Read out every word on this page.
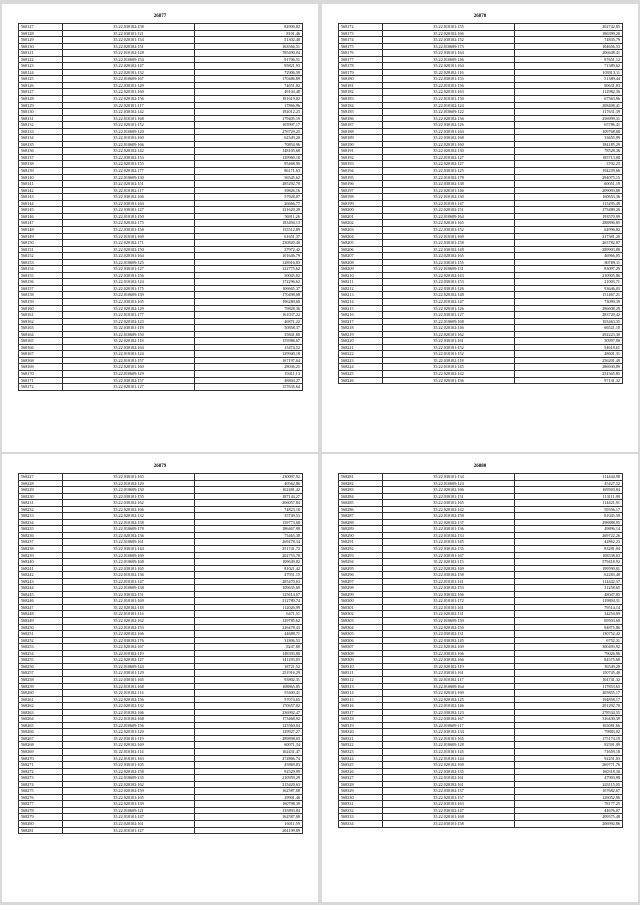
26877
568127	35.22.030102:158	84900,82
568128	35.22.030101:121	8101,46
568129	35.22.020101:154	51302,48
568130	35.22.020102:151	163566,51
568121	35.22.010102:128	785490,04
568122	35.22.010609:154	91706,51
568123	35.22.020102:147	95821,93
568124	35.22.020101:132	72906,59
568125	35.22.010609:167	170486,89
568126	35.22.030101:149	74651,82
568127	35.22.020101:160	49104,48
568128	35.22.020102:156	181619,02
568129	35.22.020101:117	17866,96
568130	35.22.030102:142	192012,23
568131	35.22.010101:168	179405,19
568132	35.22.020101:152	105997,17
568133	35.22.010609:120	276729,25
568134	35.22.010101:160	62349,20
568135	35.22.010609:166	70854,96
568136	35.22.020102:142	148105,68
568137	35.22.030102:153	129969,18
568138	35.22.020101:155	95468,90
568139	35.22.020102:177	86171,63
568140	35.22.010609:130	36545,62
568141	35.22.020102:151	285292,78
568142	35.22.010102:117	39826,16
568143	35.22.030102:166	57928,07
568144	35.22.030101:164	26666,77
568145	35.22.030101:127	121620,28
568146	35.22.010101:150	56911,26
568147	35.22.020102:175	183494,13
568148	35.22.030101:158	135512,89
568149	35.22.010101:169	61651,37
568150	35.22.020102:171	230820,40
568151	35.22.020102:150	27972,42
568152	35.22.020101:164	101646,79
568153	35.22.010609:125	128916,83
568154	35.22.030101:127	122775,62
568155	35.22.030101:156	50045,82
568156	35.22.010102:124	172296,62
568157	35.22.020101:175	106665,37
568158	35.22.010609:139	170498,08
568159	35.22.030101:165	196280,60
568160	35.22.020102:129	79828,36
568161	35.22.010101:177	161037,22
568162	35.22.020102:123	46871,22
568163	35.22.030101:118	50858,37
568164	35.22.010609:150	35841,80
568165	35.22.020102:118	155986,67
568166	35.22.030102:164	15474,52
568167	35.22.010101:124	129940,18
568168	35.22.010101:157	167197,64
568169	35.22.020101:160	28036,25
568170	35.22.010609:129	19411,13
568171	35.22.030102:157	48804,27
568172	35.22.020101:127	157635,64
26878
568172	35.22.010101:155	202742,85
568173	35.22.020102:166	186399,20
568174	35.22.030102:152	74835,79
568175	35.22.010609:173	104656,53
568176	35.22.030101:164	206648,41
568177	35.22.010609:146	97651,12
568178	35.22.020101:164	71389,62
568179	35.22.020102:116	103913,11
568180	35.22.030101:155	51389,44
568181	35.22.010101:156	90631,83
568182	35.22.020101:163	112982,36
568183	35.22.010101:150	67563,96
568184	35.22.010102:124	208408,41
568185	35.22.010609:122	117631,39
568186	35.22.020102:156	256999,31
568187	35.22.030102:126	65786,41
568188	35.22.030101:164	109768,68
568189	35.22.030102:168	33655,99
568190	35.22.020101:160	184185,29
568191	35.22.020102:130	78528,36
568192	35.22.010102:127	185713,08
568193	35.22.020102:127	3702,23
568194	35.22.030101:125	194239,66
568195	35.22.010102:178	294075,15
568196	35.22.030102:138	60051,19
568197	35.22.020101:146	209093,88
568198	35.22.010102:130	160653,36
568199	35.22.010101:147	115295,49
568200	35.22.020102:151	175489,26
568201	35.22.010609:164	193570,99
568202	35.22.020101:165	288896,85
568203	35.22.030101:152	64996,82
568204	35.22.010101:169	217381,20
568205	35.22.030101:158	265782,87
568206	35.22.030102:148	289903,88
568207	35.22.020102:165	46966,05
568208	35.22.030101:155	80789,11
568209	35.22.010609:131	83097,29
568210	35.22.020102:143	210905,86
568211	35.22.030101:153	21003,71
568212	35.22.030101:126	93646,03
568213	35.22.020102:148	151467,21
568214	35.22.010102:147	73099,39
568215	35.22.020101:126	286608,29
568216	35.22.030101:127	283720,42
568217	35.22.010609:168	103463,35
568218	35.22.020102:146	66521,10
568219	35.22.020101:162	292223,30
568220	35.22.030101:161	50997,00
568221	35.22.030101:152	54618,61
568222	35.22.010101:152	48601,31
568223	35.22.030102:118	256201,49
568224	35.22.010101:145	286930,89
568225	35.22.020102:142	254365,85
568226	35.22.020101:136	97141,32
26879
568227	35.22.030101:165	230097,92
568228	35.22.010102:120	40562,86
568229	35.22.010609:130	162481,42
568230	35.22.030101:155	187144,27
568231	35.22.030102:162	206057,84
568232	35.22.020102:166	74823,18
568233	35.22.020102:132	35749,53
568234	35.22.010102:158	159773,68
568235	35.22.010609:178	186467,98
568236	35.22.020102:136	75465,38
568237	35.22.010609:161	269278,34
568238	35.22.030101:144	251741,73
568239	35.22.010609:169	202753,78
568240	35.22.010609:168	109649,82
568241	35.22.030101:165	81021,42
568242	35.22.010102:136	47951,15
568243	35.22.010101:147	285470,63
568244	35.22.010609:138	109635,69
568245	35.22.030102:151	125614,07
568246	35.22.010101:169	212780,74
568247	35.22.020102:118	112026,99
568248	35.22.010101:114	6471,51
568249	35.22.020102:162	129785,62
568250	35.22.010102:153	226478,43
568251	35.22.020102:166	44688,71
568252	35.22.030102:176	31806,53
568253	35.22.020102:167	8247,80
568254	35.22.010102:119	148393,80
568255	35.22.020102:127	141293,03
568256	35.22.010609:144	18721,52
568257	35.22.030101:129	251916,29
568258	35.22.030101:165	93802,31
568259	35.22.010101:168	108865,85
568260	35.22.010102:114	55400,41
568261	35.22.020102:156	57074,65
568262	35.22.020102:132	170657,02
568263	35.22.010102:166	236992,47
568264	35.22.010102:168	173468,92
568265	35.22.010609:156	125560,04
568266	35.22.020101:120	129927,27
568267	35.22.030101:119	289898,03
568268	35.22.020102:169	60071,34
568269	35.22.010102:114	162431,47
568270	35.22.010101:163	272866,74
568271	35.22.030101:105	45869,83
568272	35.22.020102:158	92529,99
568273	35.22.010609:135	210959,29
568274	35.22.020102:162	215420,63
568275	35.22.020102:159	162587,08
568276	35.22.020101:165	29901,46
568277	35.22.020101:139	160798,39
568278	35.22.010609:121	135893,84
568279	35.22.010101:147	162587,08
568280	35.22.020102:161	16011,59
568281	35.22.010101:127	204199,89
26880
568281	35.22.030101:134	114444,98
568282	35.22.010609:124	45427,32
568283	35.22.020102:166	169503,84
568284	35.22.030101:151	113111,99
568285	35.22.030101:165	114421,91
568286	35.22.020102:142	59356,17
568287	35.22.010102:158	81045,58
568288	35.22.020102:137	298888,95
568289	35.22.030101:136	49896,14
568290	35.22.010102:133	269722,26
568291	35.22.010101:145	42862,23
568292	35.22.030102:135	83281,94
568293	35.22.030101:167	108538,63
568294	35.22.020102:115	579418,92
568295	35.22.020102:169	199590,01
568296	35.22.030102:158	62283,48
568297	35.22.010101:141	114442,37
568298	35.22.030102:153	31258,65
568299	35.22.030102:166	48047,85
568300	35.22.010101:172	119804,31
568301	35.22.010101:161	79514,14
568302	35.22.020102:131	34254,09
568303	35.22.010609:159	69503,60
568304	35.22.020102:150	84875,86
568305	35.22.030102:131	130752,42
568306	35.22.030102:145	6752,31
568307	35.22.020102:169	300493,92
568308	35.22.030101:166	79026,96
568309	35.22.030102:166	84575,68
568310	35.22.020102:119	36549,28
568311	35.22.030101:161	150745,40
568312	35.22.010102:117	104741,32
568313	35.22.010609:164	117853,65
568314	35.22.020101:169	205855,17
568315	35.22.020102:125	194858,17
568316	35.22.010102:146	201292,70
568317	35.22.030102:123	278534,55
568318	35.22.030102:167	316430,39
568319	35.22.010609:117	165081,66
568320	35.22.030102:134	79883,02
568321	35.22.010101:165	175174,19
568322	35.22.010609:128	82591,09
568323	35.22.010101:145	71659,18
568324	35.22.010101:144	92251,03
568325	35.22.020102:169	269771,76
568326	35.22.030102:135	160318,30
568327	35.22.010102:161	47993,98
568328	35.22.020102:161	243115,05
568329	35.22.030102:137	107682,67
568330	35.22.020101:157	126052,96
568331	35.22.030101:163	78177,25
568332	35.22.030102:147	44676,07
568333	35.22.020101:168	209575,48
568334	35.22.030101:158	206992,86
